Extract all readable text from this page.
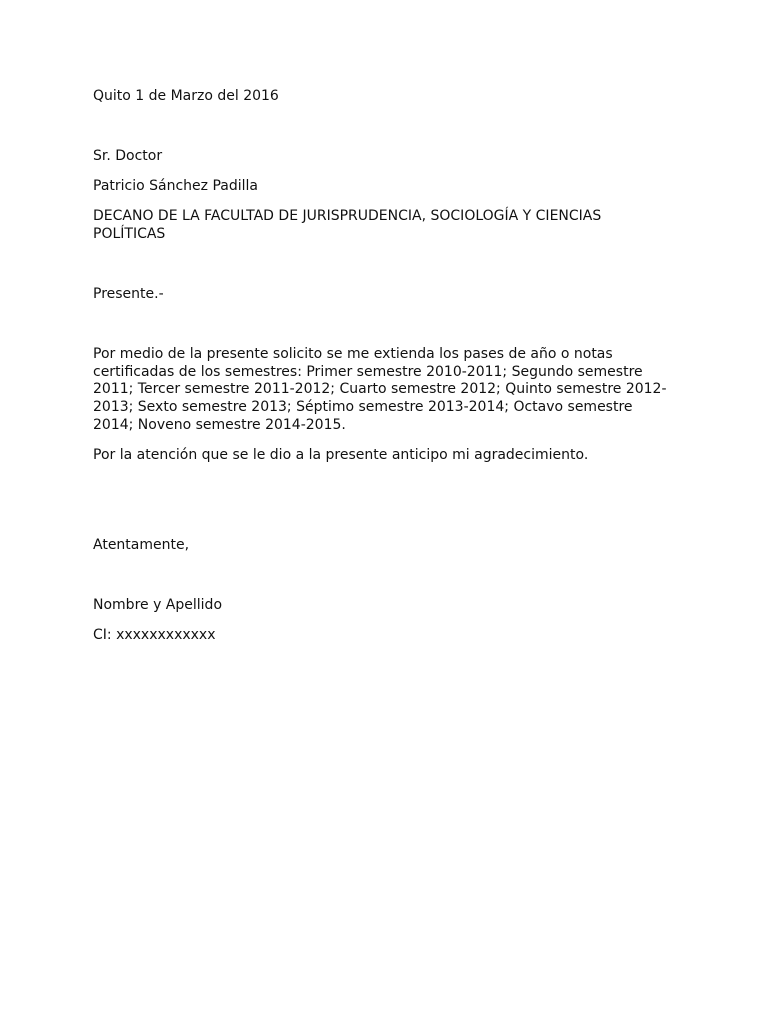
Quito 1 de Marzo del 2016

Sr. Doctor

Patricio Sánchez Padilla

DECANO DE LA FACULTAD DE JURISPRUDENCIA, SOCIOLOGÍA Y CIENCIAS

POLÍTICAS

Presente.-

Por medio de la presente solicito se me extienda los pases de año o notas

certificadas de los semestres: Primer semestre 2010-2011; Segundo semestre

2011; Tercer semestre 2011-2012; Cuarto semestre 2012; Quinto semestre 2012-

2013; Sexto semestre 2013; Séptimo semestre 2013-2014; Octavo semestre

2014; Noveno semestre 2014-2015.

Por la atención que se le dio a la presente anticipo mi agradecimiento.

Atentamente,

Nombre y Apellido

CI: xxxxxxxxxxxx
